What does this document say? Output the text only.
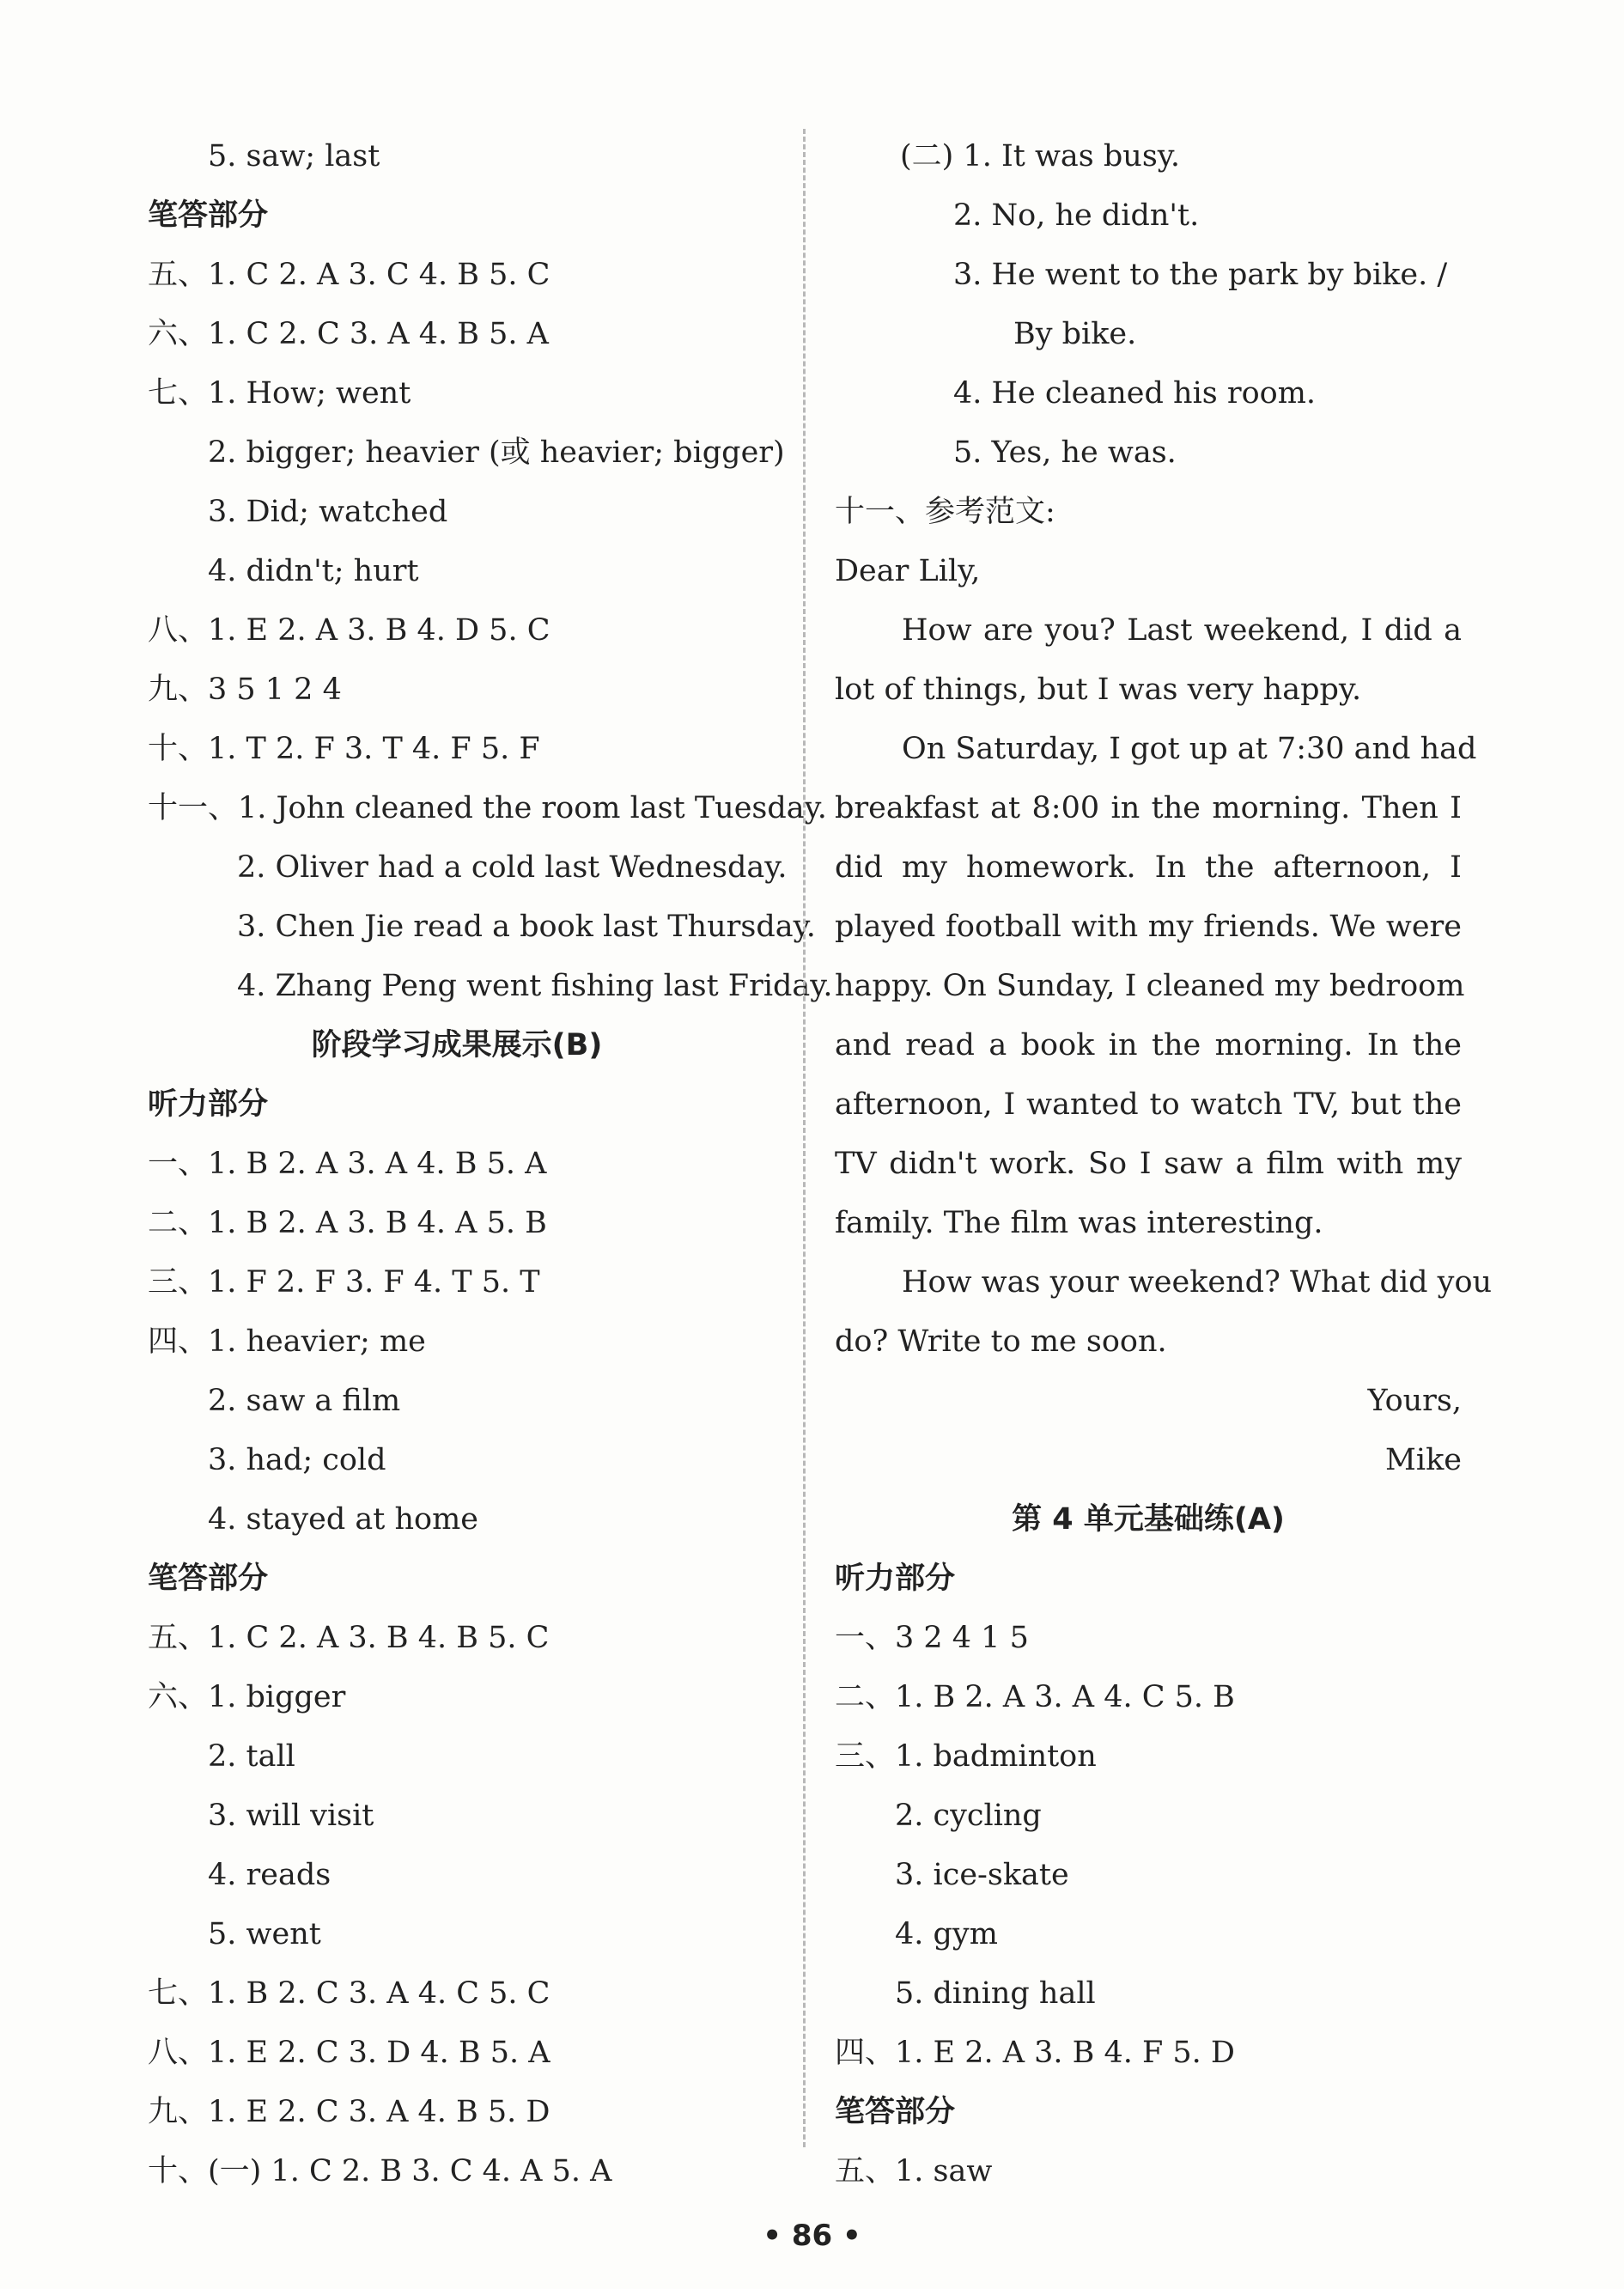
5. saw; last
笔答部分
五、1. C 2. A 3. C 4. B 5. C
六、1. C 2. C 3. A 4. B 5. A
七、1. How; went
2. bigger; heavier (或 heavier; bigger)
3. Did; watched
4. didn't; hurt
八、1. E 2. A 3. B 4. D 5. C
九、3 5 1 2 4
十、1. T 2. F 3. T 4. F 5. F
十一、1. John cleaned the room last Tuesday.
2. Oliver had a cold last Wednesday.
3. Chen Jie read a book last Thursday.
4. Zhang Peng went fishing last Friday.
阶段学习成果展示(B)
听力部分
一、1. B 2. A 3. A 4. B 5. A
二、1. B 2. A 3. B 4. A 5. B
三、1. F 2. F 3. F 4. T 5. T
四、1. heavier; me
2. saw a film
3. had; cold
4. stayed at home
笔答部分
五、1. C 2. A 3. B 4. B 5. C
六、1. bigger
2. tall
3. will visit
4. reads
5. went
七、1. B 2. C 3. A 4. C 5. C
八、1. E 2. C 3. D 4. B 5. A
九、1. E 2. C 3. A 4. B 5. D
十、(一) 1. C 2. B 3. C 4. A 5. A
(二) 1. It was busy.
2. No, he didn't.
3. He went to the park by bike. /
By bike.
4. He cleaned his room.
5. Yes, he was.
十一、参考范文:
Dear Lily,
How are you? Last weekend, I did a
lot of things, but I was very happy.
On Saturday, I got up at 7:30 and had
breakfast at 8:00 in the morning. Then I
did my homework. In the afternoon, I
played football with my friends. We were
happy. On Sunday, I cleaned my bedroom
and read a book in the morning. In the
afternoon, I wanted to watch TV, but the
TV didn't work. So I saw a film with my
family. The film was interesting.
How was your weekend? What did you
do? Write to me soon.
Yours,
Mike
第 4 单元基础练(A)
听力部分
一、3 2 4 1 5
二、1. B 2. A 3. A 4. C 5. B
三、1. badminton
2. cycling
3. ice-skate
4. gym
5. dining hall
四、1. E 2. A 3. B 4. F 5. D
笔答部分
五、1. saw
• 86 •
